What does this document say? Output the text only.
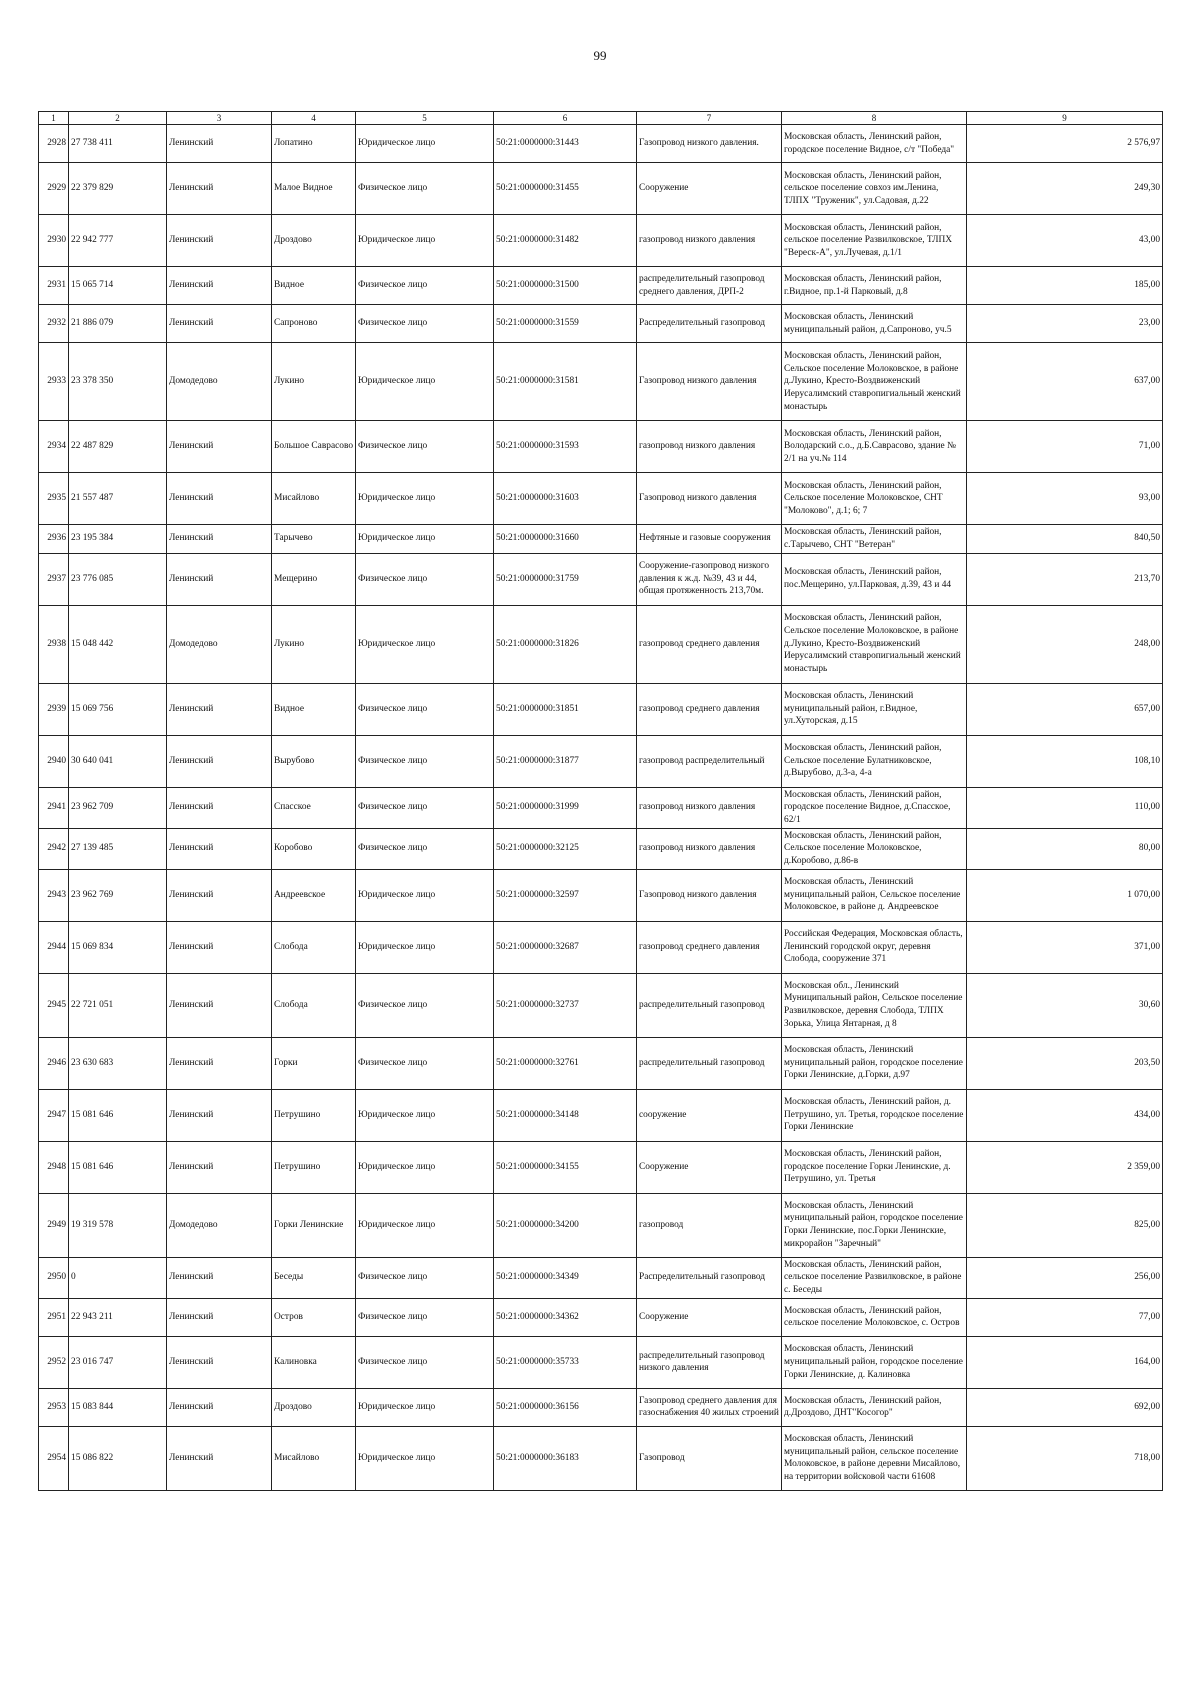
99
1	2	3	4	5	6	7	8	9
2928	27 738 411	Ленинский	Лопатино	Юридическое лицо	50:21:0000000:31443	Газопровод низкого давления.	Московская область, Ленинский район, городское поселение Видное, с/т "Победа"	2 576,97
2929	22 379 829	Ленинский	Малое Видное	Физическое лицо	50:21:0000000:31455	Сооружение	Московская область, Ленинский район, сельское поселение совхоз им.Ленина, ТЛПХ "Труженик", ул.Садовая, д.22	249,30
2930	22 942 777	Ленинский	Дроздово	Юридическое лицо	50:21:0000000:31482	газопровод низкого давления	Московская область, Ленинский район, сельское поселение Развилковское, ТЛПХ "Вереск-А", ул.Лучевая, д.1/1	43,00
2931	15 065 714	Ленинский	Видное	Физическое лицо	50:21:0000000:31500	распределительный газопровод среднего давления, ДРП-2	Московская область, Ленинский район, г.Видное, пр.1-й Парковый, д.8	185,00
2932	21 886 079	Ленинский	Сапроново	Физическое лицо	50:21:0000000:31559	Распределительный газопровод	Московская область, Ленинский муниципальный район, д.Сапроново, уч.5	23,00
2933	23 378 350	Домодедово	Лукино	Юридическое лицо	50:21:0000000:31581	Газопровод низкого давления	Московская область, Ленинский район, Сельское поселение Молоковское, в районе д.Лукино, Кресто-Воздвиженский Иерусалимский ставропигиальный женский монастырь	637,00
2934	22 487 829	Ленинский	Большое Саврасово	Физическое лицо	50:21:0000000:31593	газопровод низкого давления	Московская область, Ленинский район, Володарский с.о., д.Б.Саврасово, здание № 2/1 на уч.№ 114	71,00
2935	21 557 487	Ленинский	Мисайлово	Юридическое лицо	50:21:0000000:31603	Газопровод низкого давления	Московская область, Ленинский район, Сельское поселение Молоковское, СНТ "Молоково", д.1; 6; 7	93,00
2936	23 195 384	Ленинский	Тарычево	Юридическое лицо	50:21:0000000:31660	Нефтяные и газовые сооружения	Московская область, Ленинский район, с.Тарычево, СНТ "Ветеран"	840,50
2937	23 776 085	Ленинский	Мещерино	Физическое лицо	50:21:0000000:31759	Сооружение-газопровод низкого давления к ж.д. №39, 43 и 44, общая протяженность 213,70м.	Московская область, Ленинский район, пос.Мещерино, ул.Парковая, д.39, 43 и 44	213,70
2938	15 048 442	Домодедово	Лукино	Юридическое лицо	50:21:0000000:31826	газопровод среднего давления	Московская область, Ленинский район, Сельское поселение Молоковское, в районе д.Лукино, Кресто-Воздвиженский Иерусалимский ставропигиальный женский монастырь	248,00
2939	15 069 756	Ленинский	Видное	Физическое лицо	50:21:0000000:31851	газопровод среднего давления	Московская область, Ленинский муниципальный район, г.Видное, ул.Хуторская, д.15	657,00
2940	30 640 041	Ленинский	Вырубово	Физическое лицо	50:21:0000000:31877	газопровод распределительный	Московская область, Ленинский район, Сельское поселение Булатниковское, д.Вырубово, д.3-а, 4-а	108,10
2941	23 962 709	Ленинский	Спасское	Физическое лицо	50:21:0000000:31999	газопровод низкого давления	Московская область, Ленинский район, городское поселение Видное, д.Спасское, 62/1	110,00
2942	27 139 485	Ленинский	Коробово	Физическое лицо	50:21:0000000:32125	газопровод низкого давления	Московская область, Ленинский район, Сельское поселение Молоковское, д.Коробово, д.86-в	80,00
2943	23 962 769	Ленинский	Андреевское	Юридическое лицо	50:21:0000000:32597	Газопровод низкого давления	Московская область, Ленинский муниципальный район, Сельское поселение Молоковское, в районе д. Андреевское	1 070,00
2944	15 069 834	Ленинский	Слобода	Юридическое лицо	50:21:0000000:32687	газопровод среднего давления	Российская Федерация, Московская область, Ленинский городской округ, деревня Слобода, сооружение 371	371,00
2945	22 721 051	Ленинский	Слобода	Физическое лицо	50:21:0000000:32737	распределительный газопровод	Московская обл., Ленинский Муниципальный район, Сельское поселение Развилковское, деревня Слобода, ТЛПХ Зорька, Улица Янтарная, д 8	30,60
2946	23 630 683	Ленинский	Горки	Физическое лицо	50:21:0000000:32761	распределительный газопровод	Московская область, Ленинский муниципальный район, городское поселение Горки Ленинские, д.Горки, д.97	203,50
2947	15 081 646	Ленинский	Петрушино	Юридическое лицо	50:21:0000000:34148	сооружение	Московская область, Ленинский район, д. Петрушино, ул. Третья, городское поселение Горки Ленинские	434,00
2948	15 081 646	Ленинский	Петрушино	Юридическое лицо	50:21:0000000:34155	Сооружение	Московская область, Ленинский район, городское поселение Горки Ленинские, д. Петрушино, ул. Третья	2 359,00
2949	19 319 578	Домодедово	Горки Ленинские	Юридическое лицо	50:21:0000000:34200	газопровод	Московская область, Ленинский муниципальный район, городское поселение Горки Ленинские, пос.Горки Ленинские, микрорайон "Заречный"	825,00
2950	0	Ленинский	Беседы	Физическое лицо	50:21:0000000:34349	Распределительный газопровод	Московская область, Ленинский район, сельское поселение Развилковское, в районе с. Беседы	256,00
2951	22 943 211	Ленинский	Остров	Физическое лицо	50:21:0000000:34362	Сооружение	Московская область, Ленинский район, сельское поселение Молоковское, с. Остров	77,00
2952	23 016 747	Ленинский	Калиновка	Физическое лицо	50:21:0000000:35733	распределительный газопровод низкого давления	Московская область, Ленинский муниципальный район, городское поселение Горки Ленинские, д. Калиновка	164,00
2953	15 083 844	Ленинский	Дроздово	Юридическое лицо	50:21:0000000:36156	Газопровод среднего давления для газоснабжения 40 жилых строений	Московская область, Ленинский район, д.Дроздово, ДНТ"Косогор"	692,00
2954	15 086 822	Ленинский	Мисайлово	Юридическое лицо	50:21:0000000:36183	Газопровод	Московская область, Ленинский муниципальный район, сельское поселение Молоковское, в районе деревни Мисайлово, на территории войсковой части 61608	718,00
